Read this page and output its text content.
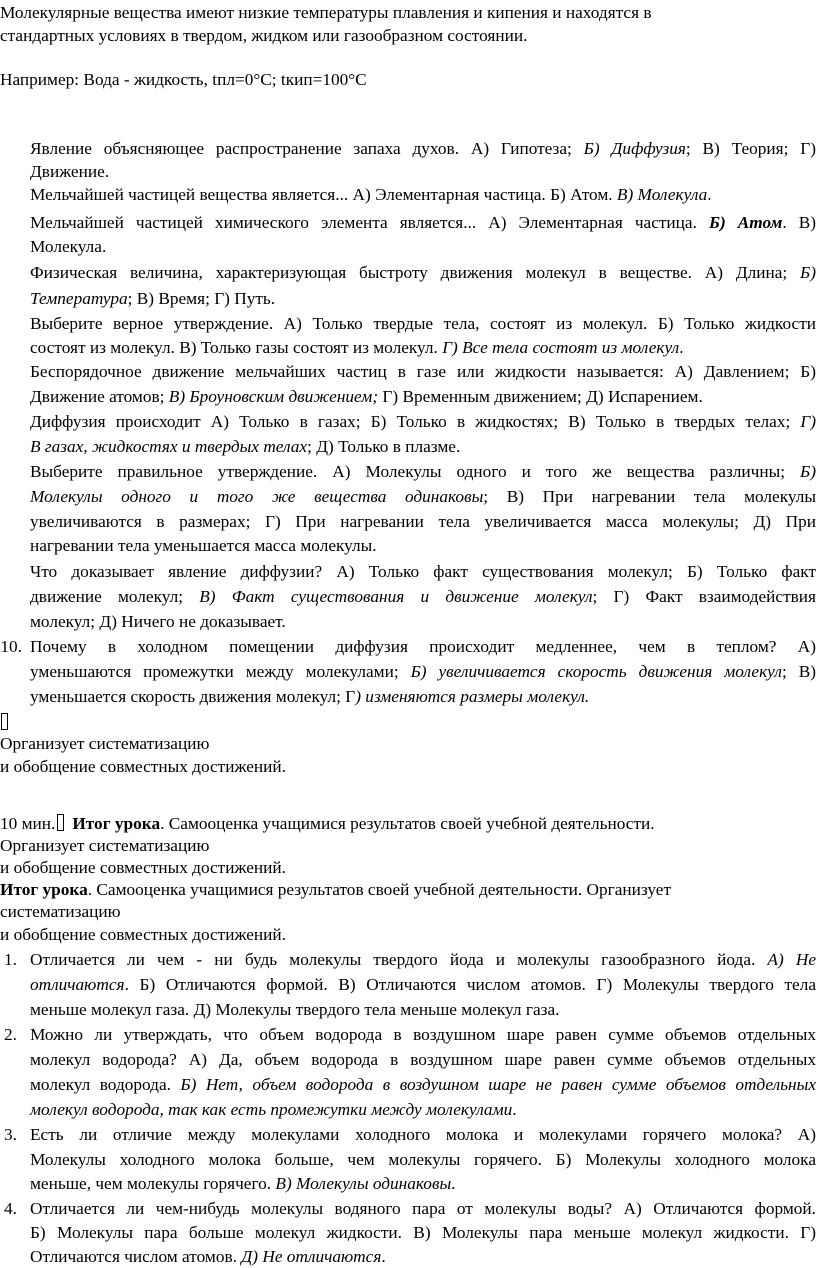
Молекулярные вещества имеют низкие температуры плавления и кипения и находятся в
стандартных условиях в твердом, жидком или газообразном состоянии.
Например: Вода - жидкость, tпл=0°C; tкип=100°C
Явление объясняющее распространение запаха духов. А) Гипотеза; Б) Диффузия; В) Теория; Г)
Движение.
Мельчайшей частицей вещества является... А) Элементарная частица. Б) Атом. В) Молекула.
Мельчайшей частицей химического элемента является... А) Элементарная частица. Б) Атом. В)
Молекула.
Физическая величина, характеризующая быстроту движения молекул в веществе. А) Длина; Б)
Температура; В) Время; Г) Путь.
Выберите верное утверждение. А) Только твердые тела, состоят из молекул. Б) Только жидкости
состоят из молекул. В) Только газы состоят из молекул. Г) Все тела состоят из молекул.
Беспорядочное движение мельчайших частиц в газе или жидкости называется: А) Давлением; Б)
Движение атомов; В) Броуновским движением; Г) Временным движением; Д) Испарением.
Диффузия происходит А) Только в газах; Б) Только в жидкостях; В) Только в твердых телах; Г)
В газах, жидкостях и твердых телах; Д) Только в плазме.
Выберите правильное утверждение. А) Молекулы одного и того же вещества различны; Б)
Молекулы одного и того же вещества одинаковы; В) При нагревании тела молекулы
увеличиваются в размерах; Г) При нагревании тела увеличивается масса молекулы; Д) При
нагревании тела уменьшается масса молекулы.
Что доказывает явление диффузии? А) Только факт существования молекул; Б) Только факт
движение молекул; В) Факт существования и движение молекул; Г) Факт взаимодействия
молекул; Д) Ничего не доказывает.
10. Почему в холодном помещении диффузия происходит медленнее, чем в теплом? А)
уменьшаются промежутки между молекулами; Б) увеличивается скорость движения молекул; В)
уменьшается скорость движения молекул; Г) изменяются размеры молекул.
Организует систематизацию
и обобщение совместных достижений.
10 мин. Итог урока. Самооценка учащимися результатов своей учебной деятельности.
Организует систематизацию
и обобщение совместных достижений.
Итог урока. Самооценка учащимися результатов своей учебной деятельности. Организует
систематизацию
и обобщение совместных достижений.
1. Отличается ли чем - ни будь молекулы твердого йода и молекулы газообразного йода. А) Не
отличаются. Б) Отличаются формой. В) Отличаются числом атомов. Г) Молекулы твердого тела
меньше молекул газа. Д) Молекулы твердого тела меньше молекул газа.
2. Можно ли утверждать, что объем водорода в воздушном шаре равен сумме объемов отдельных
молекул водорода? А) Да, объем водорода в воздушном шаре равен сумме объемов отдельных
молекул водорода. Б) Нет, объем водорода в воздушном шаре не равен сумме объемов отдельных
молекул водорода, так как есть промежутки между молекулами.
3. Есть ли отличие между молекулами холодного молока и молекулами горячего молока? А)
Молекулы холодного молока больше, чем молекулы горячего. Б) Молекулы холодного молока
меньше, чем молекулы горячего. В) Молекулы одинаковы.
4. Отличается ли чем-нибудь молекулы водяного пара от молекулы воды? А) Отличаются формой.
Б) Молекулы пара больше молекул жидкости. В) Молекулы пара меньше молекул жидкости. Г)
Отличаются числом атомов. Д) Не отличаются.
